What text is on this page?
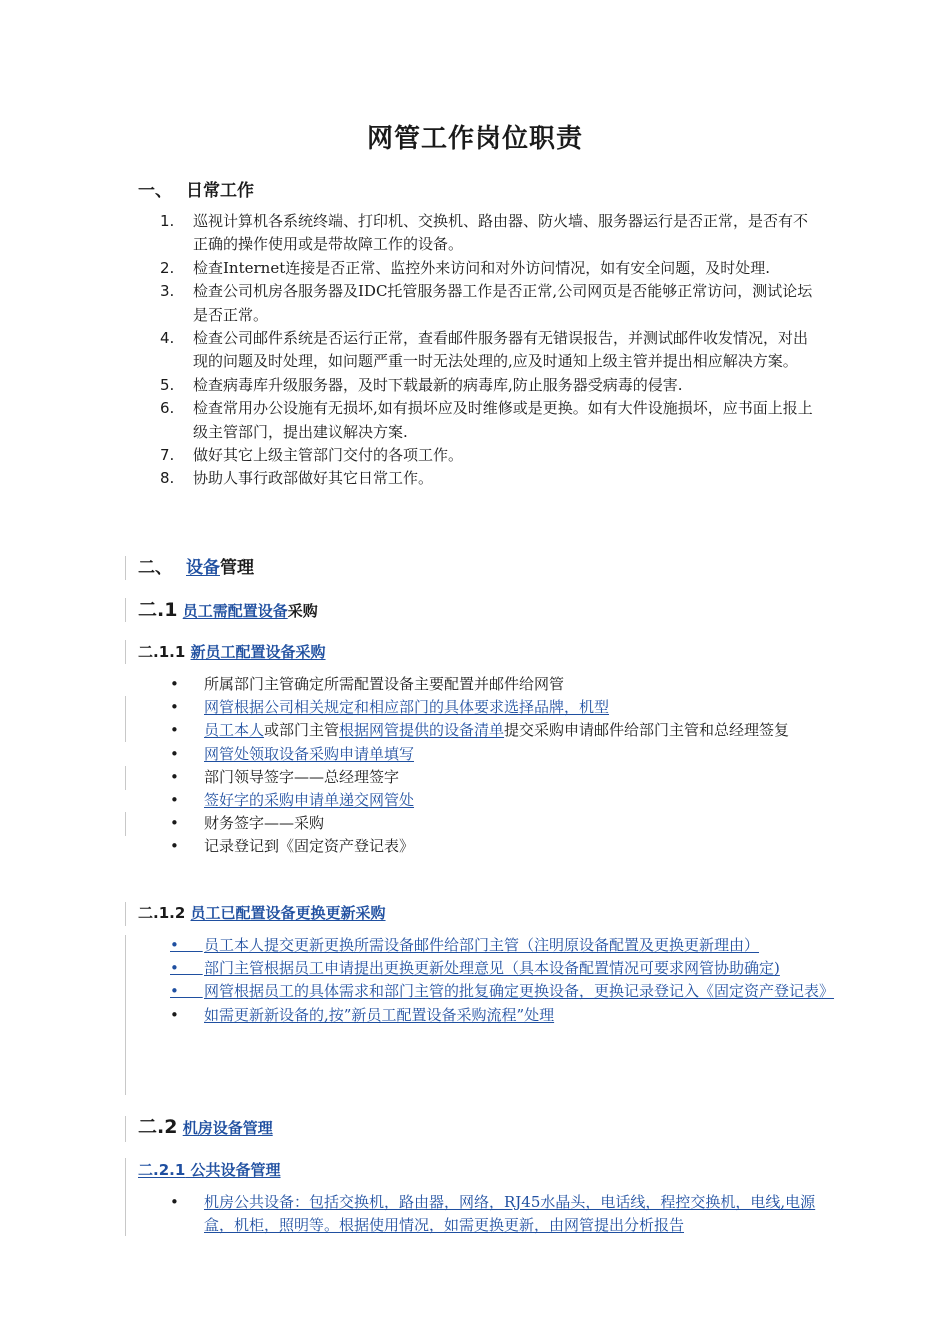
网管工作岗位职责
一、 日常工作
1. 巡视计算机各系统终端、打印机、交换机、路由器、防火墙、服务器运行是否正常，是否有不正确的操作使用或是带故障工作的设备。
2. 检查Internet连接是否正常、监控外来访问和对外访问情况，如有安全问题，及时处理.
3. 检查公司机房各服务器及IDC托管服务器工作是否正常,公司网页是否能够正常访问，测试论坛是否正常。
4. 检查公司邮件系统是否运行正常，查看邮件服务器有无错误报告，并测试邮件收发情况，对出现的问题及时处理，如问题严重一时无法处理的,应及时通知上级主管并提出相应解决方案。
5. 检查病毒库升级服务器，及时下载最新的病毒库,防止服务器受病毒的侵害.
6. 检查常用办公设施有无损坏,如有损坏应及时维修或是更换。如有大件设施损坏，应书面上报上级主管部门，提出建议解决方案.
7. 做好其它上级主管部门交付的各项工作。
8. 协助人事行政部做好其它日常工作。
二、 设备管理
二.1 员工需配置设备采购
二.1.1 新员工配置设备采购
• 所属部门主管确定所需配置设备主要配置并邮件给网管
• 网管根据公司相关规定和相应部门的具体要求选择品牌，机型
• 员工本人或部门主管根据网管提供的设备清单提交采购申请邮件给部门主管和总经理签复
• 网管处领取设备采购申请单填写
• 部门领导签字——总经理签字
• 签好字的采购申请单递交网管处
• 财务签字——采购
• 记录登记到《固定资产登记表》
二.1.2 员工已配置设备更换更新采购
• 员工本人提交更新更换所需设备邮件给部门主管（注明原设备配置及更换更新理由）
• 部门主管根据员工申请提出更换更新处理意见（具本设备配置情况可要求网管协助确定)
• 网管根据员工的具体需求和部门主管的批复确定更换设备，更换记录登记入《固定资产登记表》
• 如需更新新设备的,按”新员工配置设备采购流程”处理
二.2 机房设备管理
二.2.1 公共设备管理
• 机房公共设备：包括交换机，路由器，网络，RJ45水晶头，电话线，程控交换机，电线,电源盒，机柜，照明等。根据使用情况，如需更换更新，由网管提出分析报告
